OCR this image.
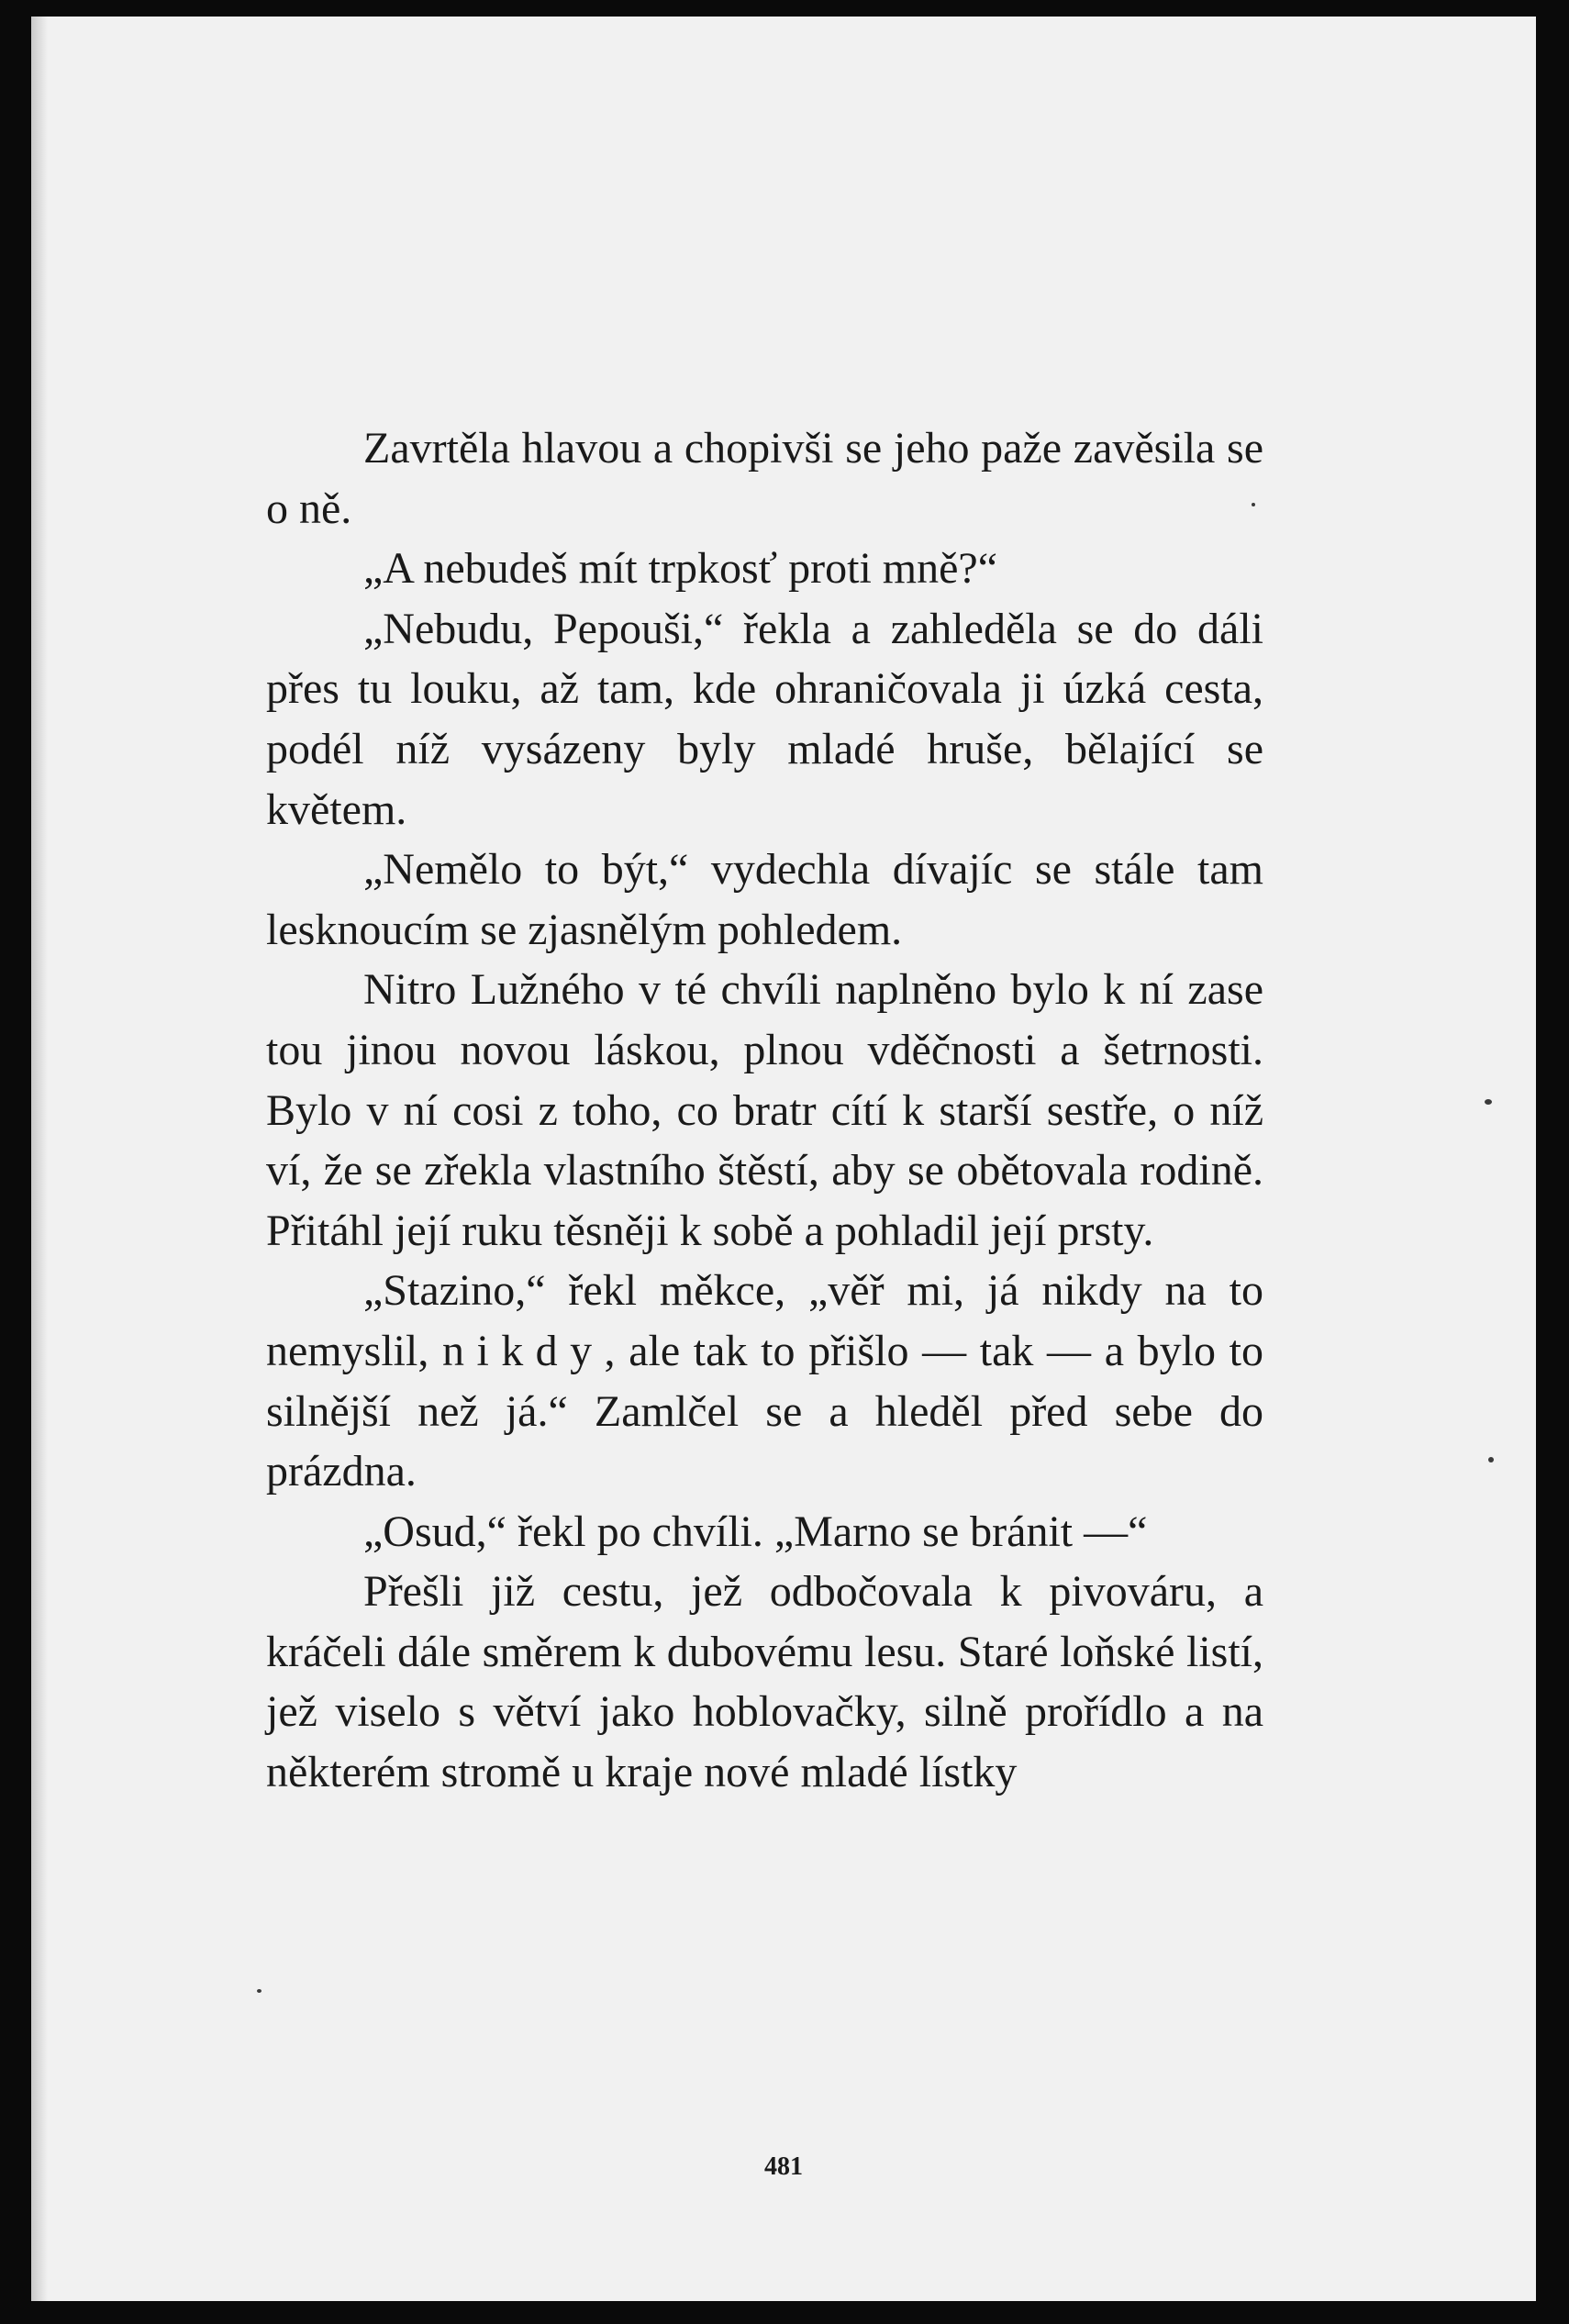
Zavrtěla hlavou a chopivši se jeho paže zavěsila se o ně.

„A nebudeš mít trpkosť proti mně?“

„Nebudu, Pepouši,“ řekla a zahleděla se do dáli přes tu louku, až tam, kde ohraničovala ji úzká cesta, podél níž vysázeny byly mladé hruše, bělající se květem.

„Nemělo to být,“ vydechla dívajíc se stále tam lesknoucím se zjasnělým pohledem.

Nitro Lužného v té chvíli naplněno bylo k ní zase tou jinou novou láskou, plnou vděčnosti a šetrnosti. Bylo v ní cosi z toho, co bratr cítí k starší sestře, o níž ví, že se zřekla vlastního štěstí, aby se obětovala rodině. Přitáhl její ruku těsněji k sobě a pohladil její prsty.

„Stazino,“ řekl měkce, „věř mi, já nikdy na to nemyslil, nikdy, ale tak to přišlo — tak — a bylo to silnější než já.“ Zamlčel se a hleděl před sebe do prázdna.

„Osud,“ řekl po chvíli. „Marno se bránit —“

Přešli již cestu, jež odbočovala k pivováru, a kráčeli dále směrem k dubovému lesu. Staré loňské listí, jež viselo s větví jako hoblovačky, silně prořídlo a na některém stromě u kraje nové mladé lístky

481
